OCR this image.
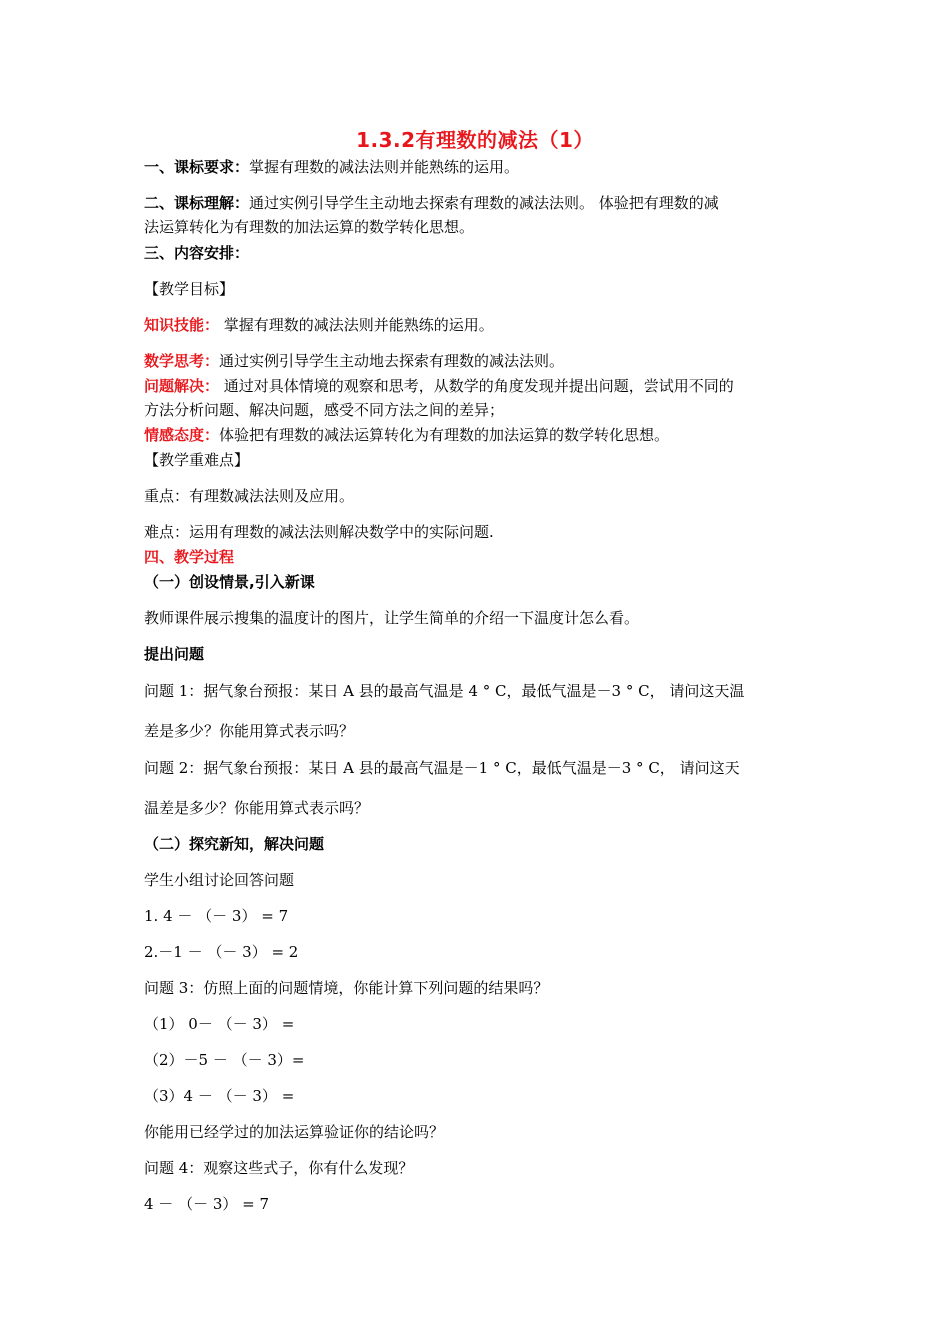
1.3.2有理数的减法（1）
一、课标要求：掌握有理数的减法法则并能熟练的运用。
二、课标理解：通过实例引导学生主动地去探索有理数的减法法则。 体验把有理数的减
法运算转化为有理数的加法运算的数学转化思想。
三、内容安排：
【教学目标】
知识技能： 掌握有理数的减法法则并能熟练的运用。
数学思考：通过实例引导学生主动地去探索有理数的减法法则。
问题解决： 通过对具体情境的观察和思考，从数学的角度发现并提出问题，尝试用不同的
方法分析问题、解决问题，感受不同方法之间的差异；
情感态度：体验把有理数的减法运算转化为有理数的加法运算的数学转化思想。
【教学重难点】
重点：有理数减法法则及应用。
难点：运用有理数的减法法则解决数学中的实际问题.
四、教学过程
（一）创设情景,引入新课
教师课件展示搜集的温度计的图片，让学生简单的介绍一下温度计怎么看。
提出问题
问题 1：据气象台预报：某日 A 县的最高气温是 4 ° C，最低气温是－3 ° C， 请问这天温
差是多少？你能用算式表示吗？
问题 2：据气象台预报：某日 A 县的最高气温是－1 ° C，最低气温是－3 ° C， 请问这天
温差是多少？你能用算式表示吗？
（二）探究新知，解决问题
学生小组讨论回答问题
1. 4 － （－ 3） = 7
2.－1 － （－ 3） = 2
问题 3：仿照上面的问题情境，你能计算下列问题的结果吗？
（1） 0－ （－ 3） =
（2）－5 － （－ 3）=
（3）4 － （－ 3） =
你能用已经学过的加法运算验证你的结论吗？
问题 4：观察这些式子，你有什么发现？
4 － （－ 3） = 7
